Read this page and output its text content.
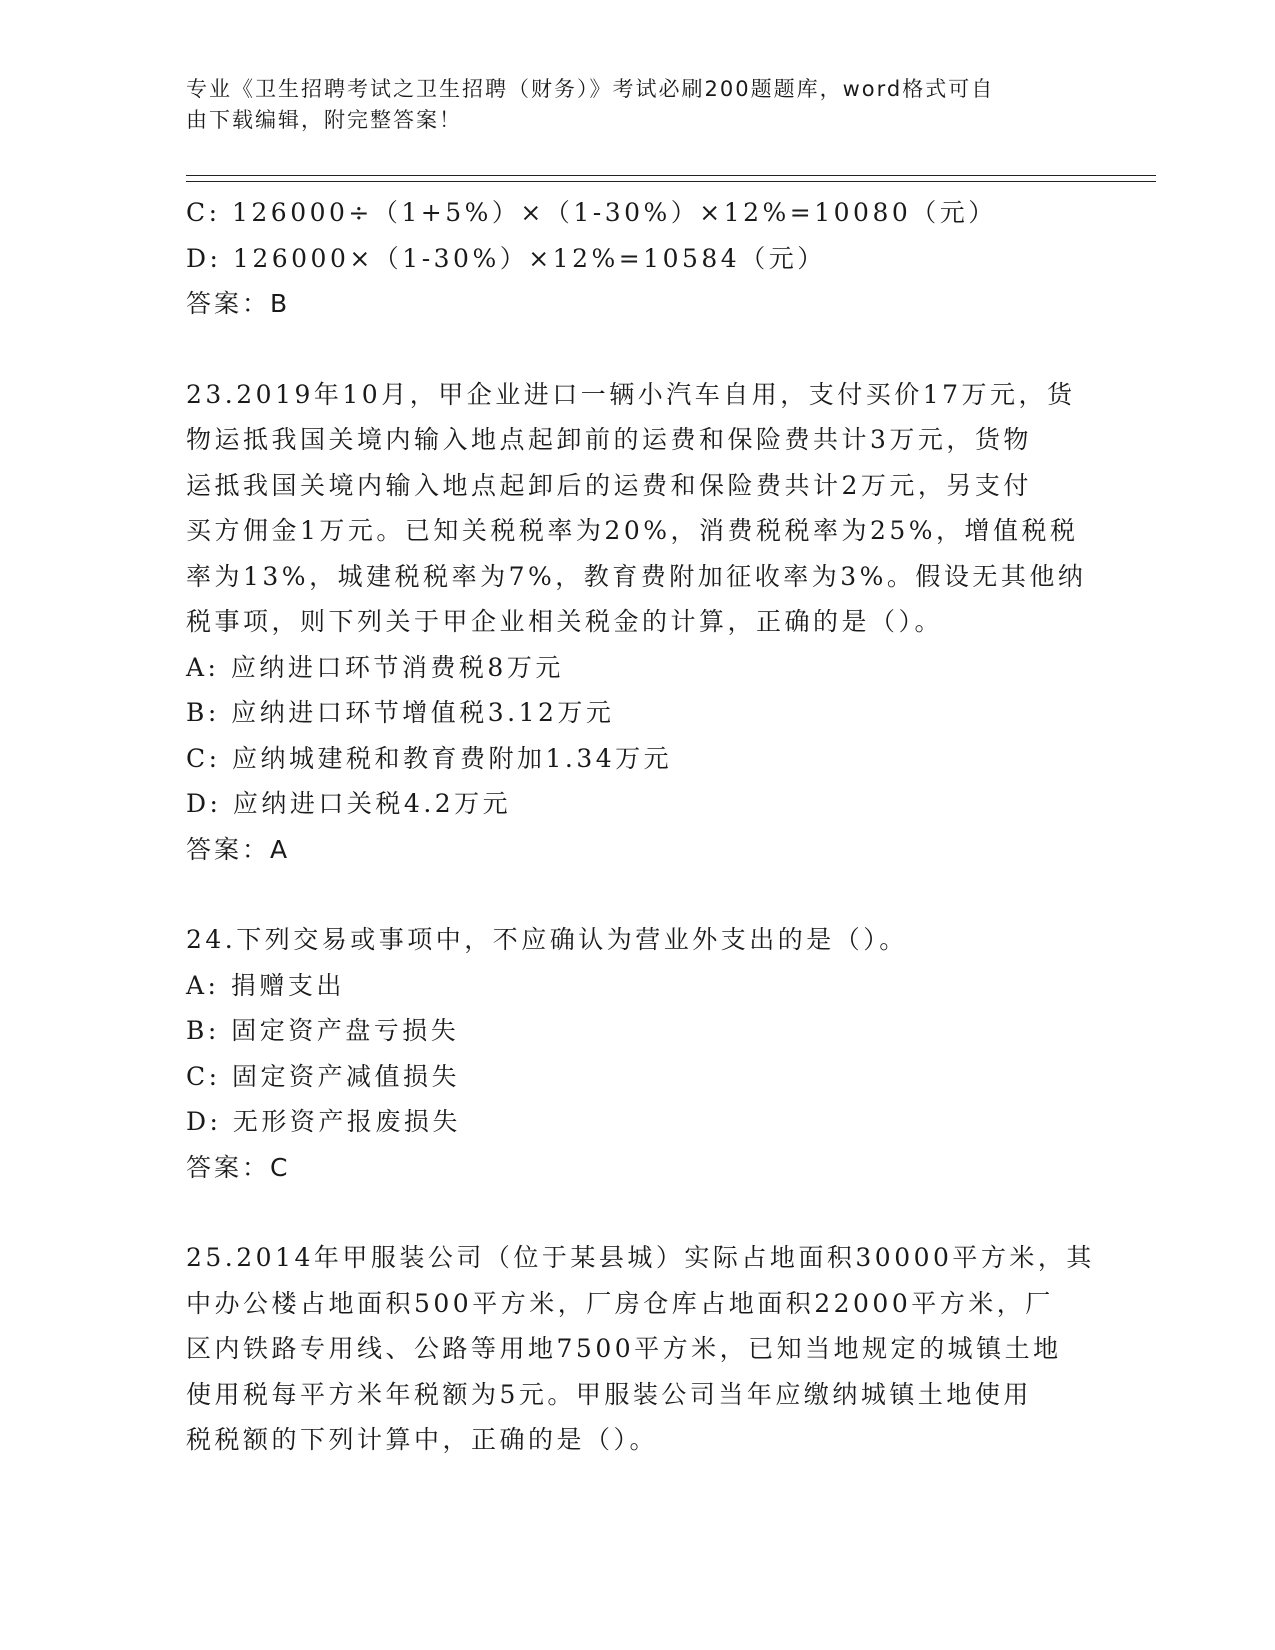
专业《卫生招聘考试之卫生招聘（财务）》考试必刷200题题库，word格式可自
由下载编辑，附完整答案！

C: 126000÷（1+5%）×（1-30%）×12%=10080（元）

D: 126000×（1-30%）×12%=10584（元）

答案：B

23.2019年10月，甲企业进口一辆小汽车自用，支付买价17万元，货

物运抵我国关境内输入地点起卸前的运费和保险费共计3万元，货物

运抵我国关境内输入地点起卸后的运费和保险费共计2万元，另支付

买方佣金1万元。已知关税税率为20%，消费税税率为25%，增值税税

率为13%，城建税税率为7%，教育费附加征收率为3%。假设无其他纳

税事项，则下列关于甲企业相关税金的计算，正确的是（）。

A: 应纳进口环节消费税8万元

B: 应纳进口环节增值税3.12万元

C: 应纳城建税和教育费附加1.34万元

D: 应纳进口关税4.2万元

答案：A

24.下列交易或事项中，不应确认为营业外支出的是（）。

A: 捐赠支出

B: 固定资产盘亏损失

C: 固定资产减值损失

D: 无形资产报废损失

答案：C

25.2014年甲服装公司（位于某县城）实际占地面积30000平方米，其

中办公楼占地面积500平方米，厂房仓库占地面积22000平方米，厂

区内铁路专用线、公路等用地7500平方米，已知当地规定的城镇土地

使用税每平方米年税额为5元。甲服装公司当年应缴纳城镇土地使用

税税额的下列计算中，正确的是（）。
